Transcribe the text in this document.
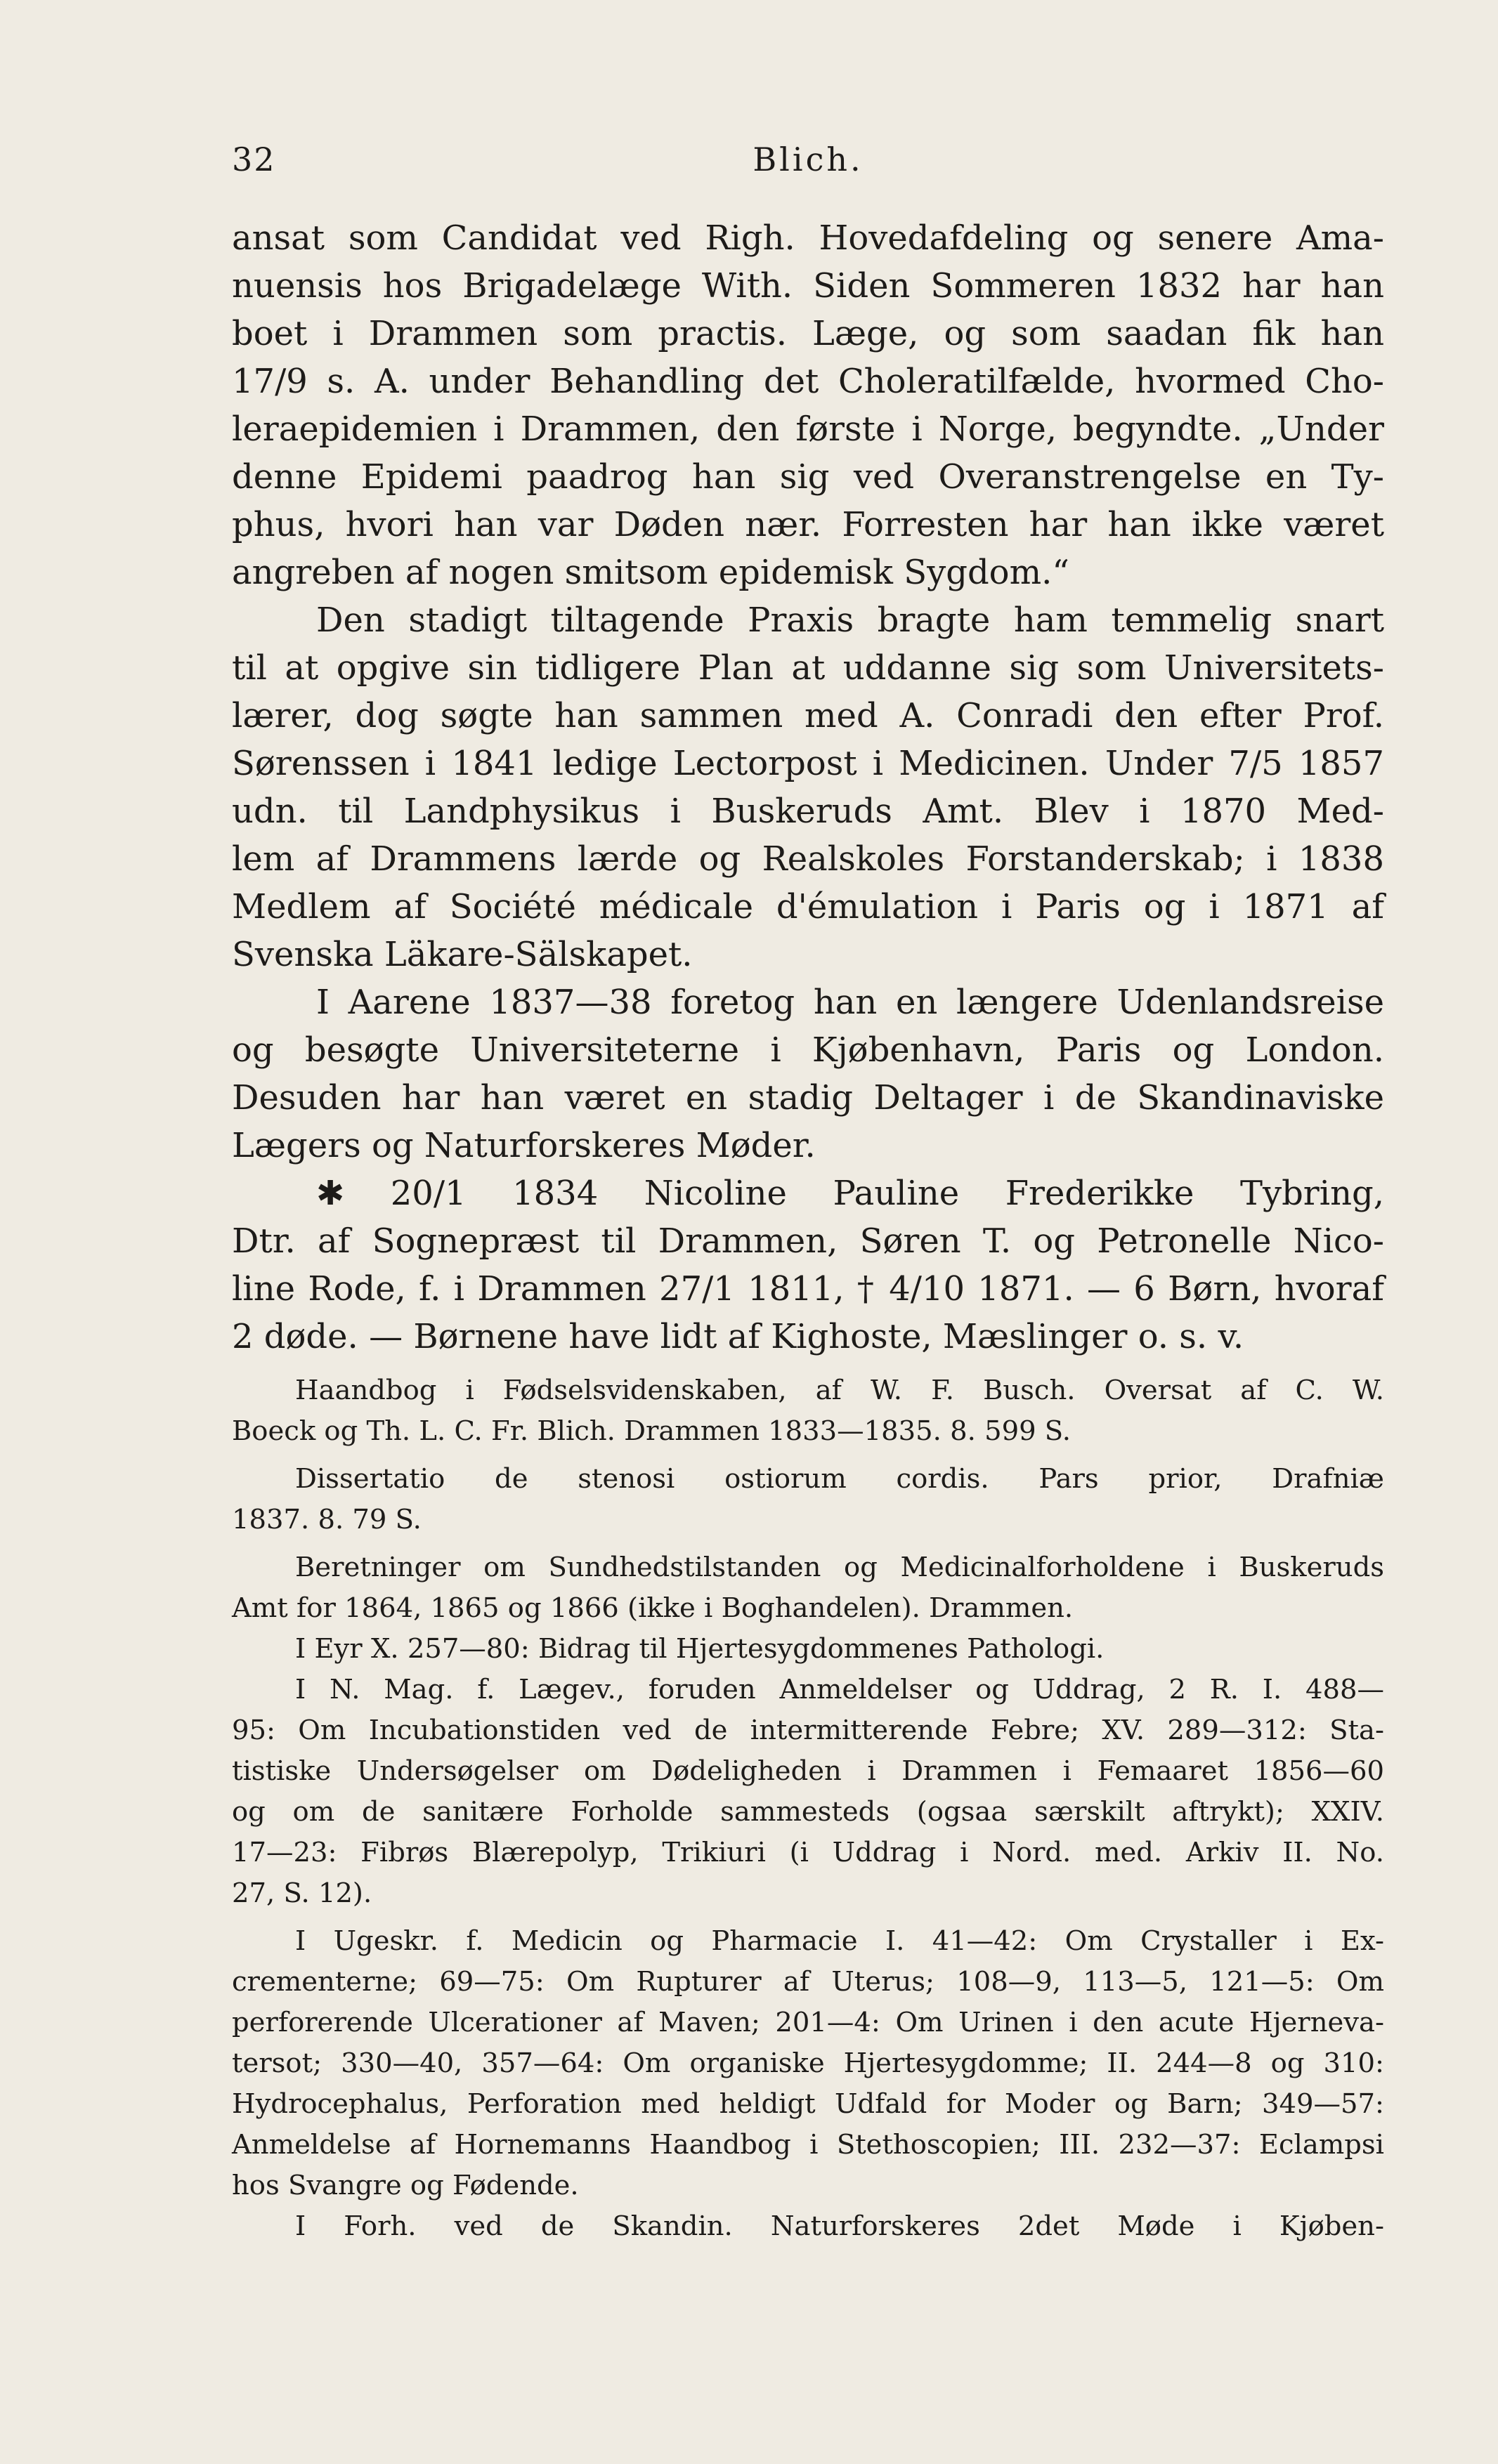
32	Blich.
ansat som Candidat ved Righ. Hovedafdeling og senere Ama-
nuensis hos Brigadelæge With. Siden Sommeren 1832 har han
boet i Drammen som practis. Læge, og som saadan fik han
17/9 s. A. under Behandling det Choleratilfælde, hvormed Cho-
leraepidemien i Drammen, den første i Norge, begyndte. „Under
denne Epidemi paadrog han sig ved Overanstrengelse en Ty-
phus, hvori han var Døden nær. Forresten har han ikke været
angreben af nogen smitsom epidemisk Sygdom.“
Den stadigt tiltagende Praxis bragte ham temmelig snart
til at opgive sin tidligere Plan at uddanne sig som Universitets-
lærer, dog søgte han sammen med A. Conradi den efter Prof.
Sørenssen i 1841 ledige Lectorpost i Medicinen. Under 7/5 1857
udn. til Landphysikus i Buskeruds Amt. Blev i 1870 Med-
lem af Drammens lærde og Realskoles Forstanderskab; i 1838
Medlem af Société médicale d'émulation i Paris og i 1871 af
Svenska Läkare-Sälskapet.
I Aarene 1837—38 foretog han en længere Udenlandsreise
og besøgte Universiteterne i Kjøbenhavn, Paris og London.
Desuden har han været en stadig Deltager i de Skandinaviske
Lægers og Naturforskeres Møder.
✱ 20/1 1834 Nicoline Pauline Frederikke Tybring,
Dtr. af Sognepræst til Drammen, Søren T. og Petronelle Nico-
line Rode, f. i Drammen 27/1 1811, † 4/10 1871. — 6 Børn, hvoraf
2 døde. — Børnene have lidt af Kighoste, Mæslinger o. s. v.
Haandbog i Fødselsvidenskaben, af W. F. Busch. Oversat af C. W.
Boeck og Th. L. C. Fr. Blich. Drammen 1833—1835. 8. 599 S.
Dissertatio de stenosi ostiorum cordis. Pars prior, Drafniæ
1837. 8. 79 S.
Beretninger om Sundhedstilstanden og Medicinalforholdene i Buskeruds
Amt for 1864, 1865 og 1866 (ikke i Boghandelen). Drammen.
I Eyr X. 257—80: Bidrag til Hjertesygdommenes Pathologi.
I N. Mag. f. Lægev., foruden Anmeldelser og Uddrag, 2 R. I. 488—
95: Om Incubationstiden ved de intermitterende Febre; XV. 289—312: Sta-
tistiske Undersøgelser om Dødeligheden i Drammen i Femaaret 1856—60
og om de sanitære Forholde sammesteds (ogsaa særskilt aftrykt); XXIV.
17—23: Fibrøs Blærepolyp, Trikiuri (i Uddrag i Nord. med. Arkiv II. No.
27, S. 12).
I Ugeskr. f. Medicin og Pharmacie I. 41—42: Om Crystaller i Ex-
crementerne; 69—75: Om Rupturer af Uterus; 108—9, 113—5, 121—5: Om
perforerende Ulcerationer af Maven; 201—4: Om Urinen i den acute Hjerneva-
tersot; 330—40, 357—64: Om organiske Hjertesygdomme; II. 244—8 og 310:
Hydrocephalus, Perforation med heldigt Udfald for Moder og Barn; 349—57:
Anmeldelse af Hornemanns Haandbog i Stethoscopien; III. 232—37: Eclampsi
hos Svangre og Fødende.
I Forh. ved de Skandin. Naturforskeres 2det Møde i Kjøben-
